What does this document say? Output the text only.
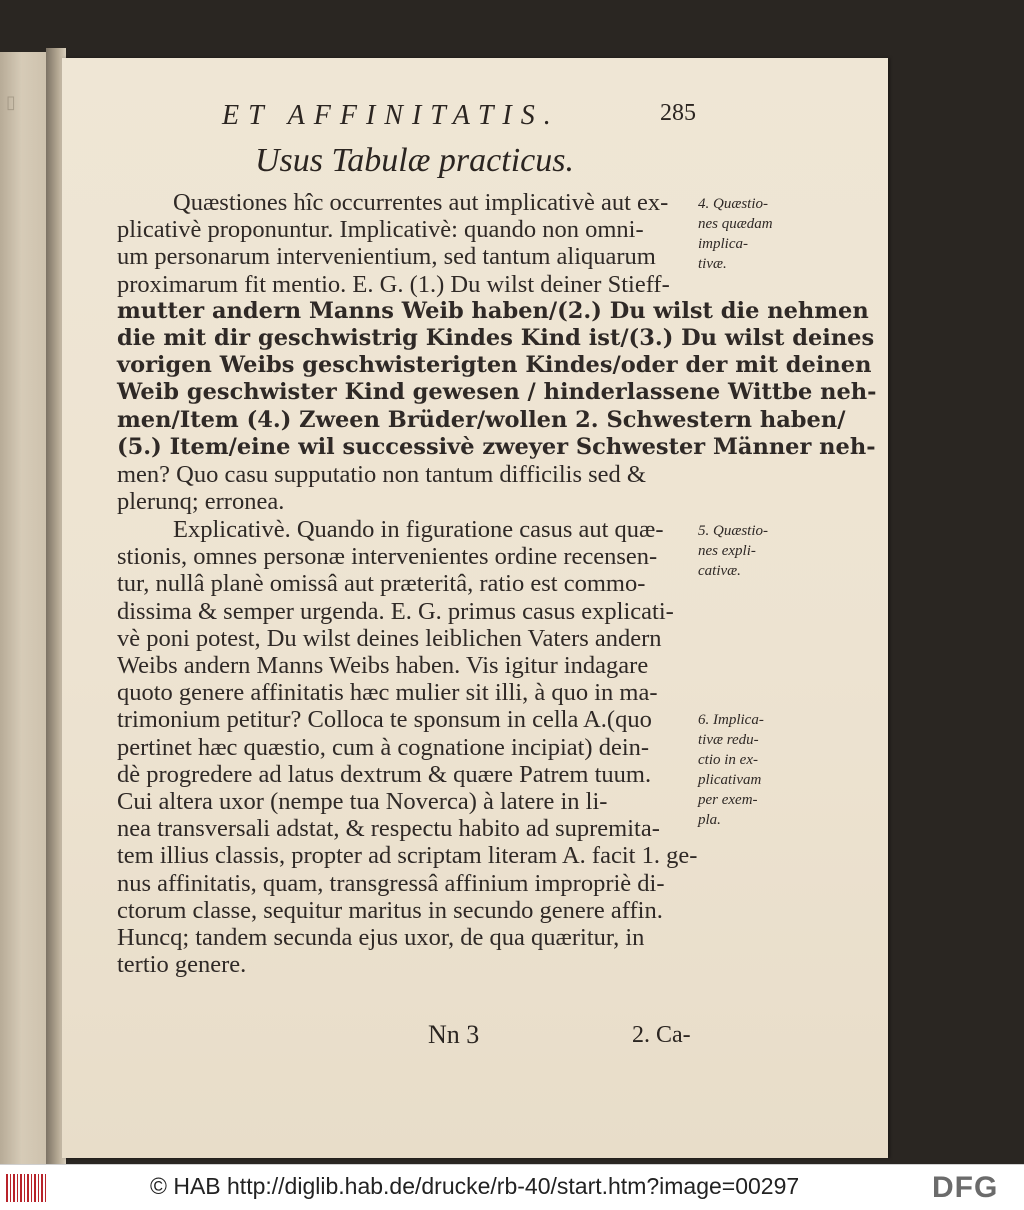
▯	ET AFFINITATIS.	285
Usus Tabulæ practicus.
Quæstiones hîc occurrentes aut implicativè aut ex-
plicativè proponuntur. Implicativè: quando non omni-
um personarum intervenientium, sed tantum aliquarum
proximarum fit mentio. E. G. (1.) Du wilst deiner Stieff-
mutter andern Manns Weib haben/(2.) Du wilst die nehmen
die mit dir geschwistrig Kindes Kind ist/(3.) Du wilst deines
vorigen Weibs geschwisterigten Kindes/oder der mit deinen
Weib geschwister Kind gewesen / hinderlassene Wittbe neh-
men/Item (4.) Zween Brüder/wollen 2. Schwestern haben/
(5.) Item/eine wil successivè zweyer Schwester Männer neh-
men? Quo casu supputatio non tantum difficilis sed &
plerunq; erronea.
Explicativè. Quando in figuratione casus aut quæ-
stionis, omnes personæ intervenientes ordine recensen-
tur, nullâ planè omissâ aut præteritâ, ratio est commo-
dissima & semper urgenda. E. G. primus casus explicati-
vè poni potest, Du wilst deines leiblichen Vaters andern
Weibs andern Manns Weibs haben. Vis igitur indagare
quoto genere affinitatis hæc mulier sit illi, à quo in ma-
trimonium petitur? Colloca te sponsum in cella A.(quo
pertinet hæc quæstio, cum à cognatione incipiat) dein-
dè progredere ad latus dextrum & quære Patrem tuum.
Cui altera uxor (nempe tua Noverca) à latere in li-
nea transversali adstat, & respectu habito ad supremita-
tem illius classis, propter ad scriptam literam A. facit 1. ge-
nus affinitatis, quam, transgressâ affinium impropriè di-
ctorum classe, sequitur maritus in secundo genere affin.
Huncq; tandem secunda ejus uxor, de qua quæritur, in
tertio genere.
4. Quæstio-
nes quædam
implica-
tivæ.
5. Quæstio-
nes expli-
cativæ.
6. Implica-
tivæ redu-
ctio in ex-
plicativam
per exem-
pla.
Nn 3	2. Ca-
© HAB http://diglib.hab.de/drucke/rb-40/start.htm?image=00297	DFG
